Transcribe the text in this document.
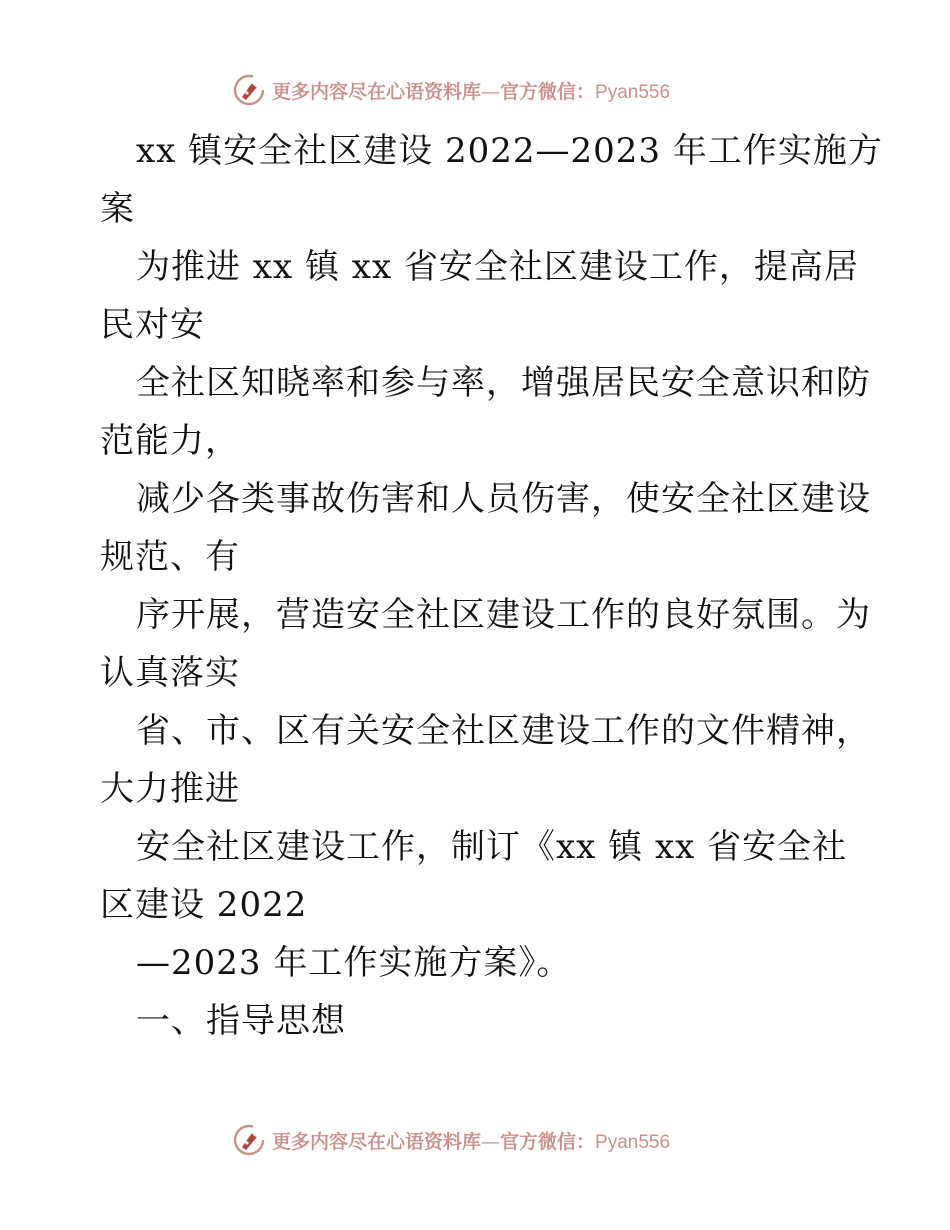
更多内容尽在心语资料库—官方微信：Pyan556
xx 镇安全社区建设 2022—2023 年工作实施方
案
为推进 xx 镇 xx 省安全社区建设工作，提高居
民对安
全社区知晓率和参与率，增强居民安全意识和防
范能力，
减少各类事故伤害和人员伤害，使安全社区建设
规范、有
序开展，营造安全社区建设工作的良好氛围。为
认真落实
省、市、区有关安全社区建设工作的文件精神，
大力推进
安全社区建设工作，制订《xx 镇 xx 省安全社
区建设 2022
—2023 年工作实施方案》。
一、指导思想
更多内容尽在心语资料库—官方微信：Pyan556
